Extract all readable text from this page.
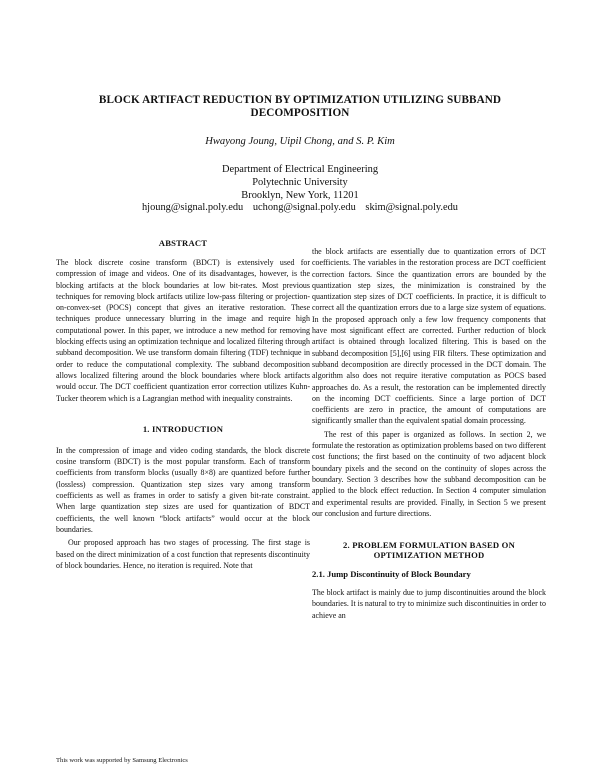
BLOCK ARTIFACT REDUCTION BY OPTIMIZATION UTILIZING SUBBAND DECOMPOSITION
Hwayong Joung, Uipil Chong, and S. P. Kim
Department of Electrical Engineering
Polytechnic University
Brooklyn, New York, 11201
hjoung@signal.poly.edu uchong@signal.poly.edu skim@signal.poly.edu

ABSTRACT

The block discrete cosine transform (BDCT) is extensively used for compression of image and videos. One of its disadvantages, however, is the blocking artifacts at the block boundaries at low bit-rates. Most previous techniques for removing block artifacts utilize low-pass filtering or projection-on-convex-set (POCS) concept that gives an iterative restoration. These techniques produce unnecessary blurring in the image and require high computational power. In this paper, we introduce a new method for removing blocking effects using an optimization technique and localized filtering through subband decomposition. We use transform domain filtering (TDF) technique in order to reduce the computational complexity. The subband decomposition allows localized filtering around the block boundaries where block artifacts would occur. The DCT coefficient quantization error correction utilizes Kuhn-Tucker theorem which is a Lagrangian method with inequality constraints.

1. INTRODUCTION

In the compression of image and video coding standards, the block discrete cosine transform (BDCT) is the most popular transform. Each of transform coefficients from transform blocks (usually 8×8) are quantized before further (lossless) compression. Quantization step sizes vary among transform coefficients as well as frames in order to satisfy a given bit-rate constraint. When large quantization step sizes are used for quantization of BDCT coefficients, the well known “block artifacts” would occur at the block boundaries.

Our proposed approach has two stages of processing. The first stage is based on the direct minimization of a cost function that represents discontinuity of block boundaries. Hence, no iteration is required. Note that

the block artifacts are essentially due to quantization errors of DCT coefficients. The variables in the restoration process are DCT coefficient correction factors. Since the quantization errors are bounded by the quantization step sizes, the minimization is constrained by the quantization step sizes of DCT coefficients. In practice, it is difficult to correct all the quantization errors due to a large size system of equations. In the proposed approach only a few low frequency components that have most significant effect are corrected. Further reduction of block artifact is obtained through localized filtering. This is based on the subband decomposition [5],[6] using FIR filters. These optimization and subband decomposition are directly processed in the DCT domain. The algorithm also does not require iterative computation as POCS based approaches do. As a result, the restoration can be implemented directly on the incoming DCT coefficients. Since a large portion of DCT coefficients are zero in practice, the amount of computations are significantly smaller than the equivalent spatial domain processing.

The rest of this paper is organized as follows. In section 2, we formulate the restoration as optimization problems based on two different cost functions; the first based on the continuity of two adjacent block boundary pixels and the second on the continuity of slopes across the boundary. Section 3 describes how the subband decomposition can be applied to the block effect reduction. In Section 4 computer simulation and experimental results are provided. Finally, in Section 5 we present our conclusion and furture directions.

2. PROBLEM FORMULATION BASED ON OPTIMIZATION METHOD

2.1. Jump Discontinuity of Block Boundary

The block artifact is mainly due to jump discontinuities around the block boundaries. It is natural to try to minimize such discontinuities in order to achieve an

This work was supported by Samsung Electronics
